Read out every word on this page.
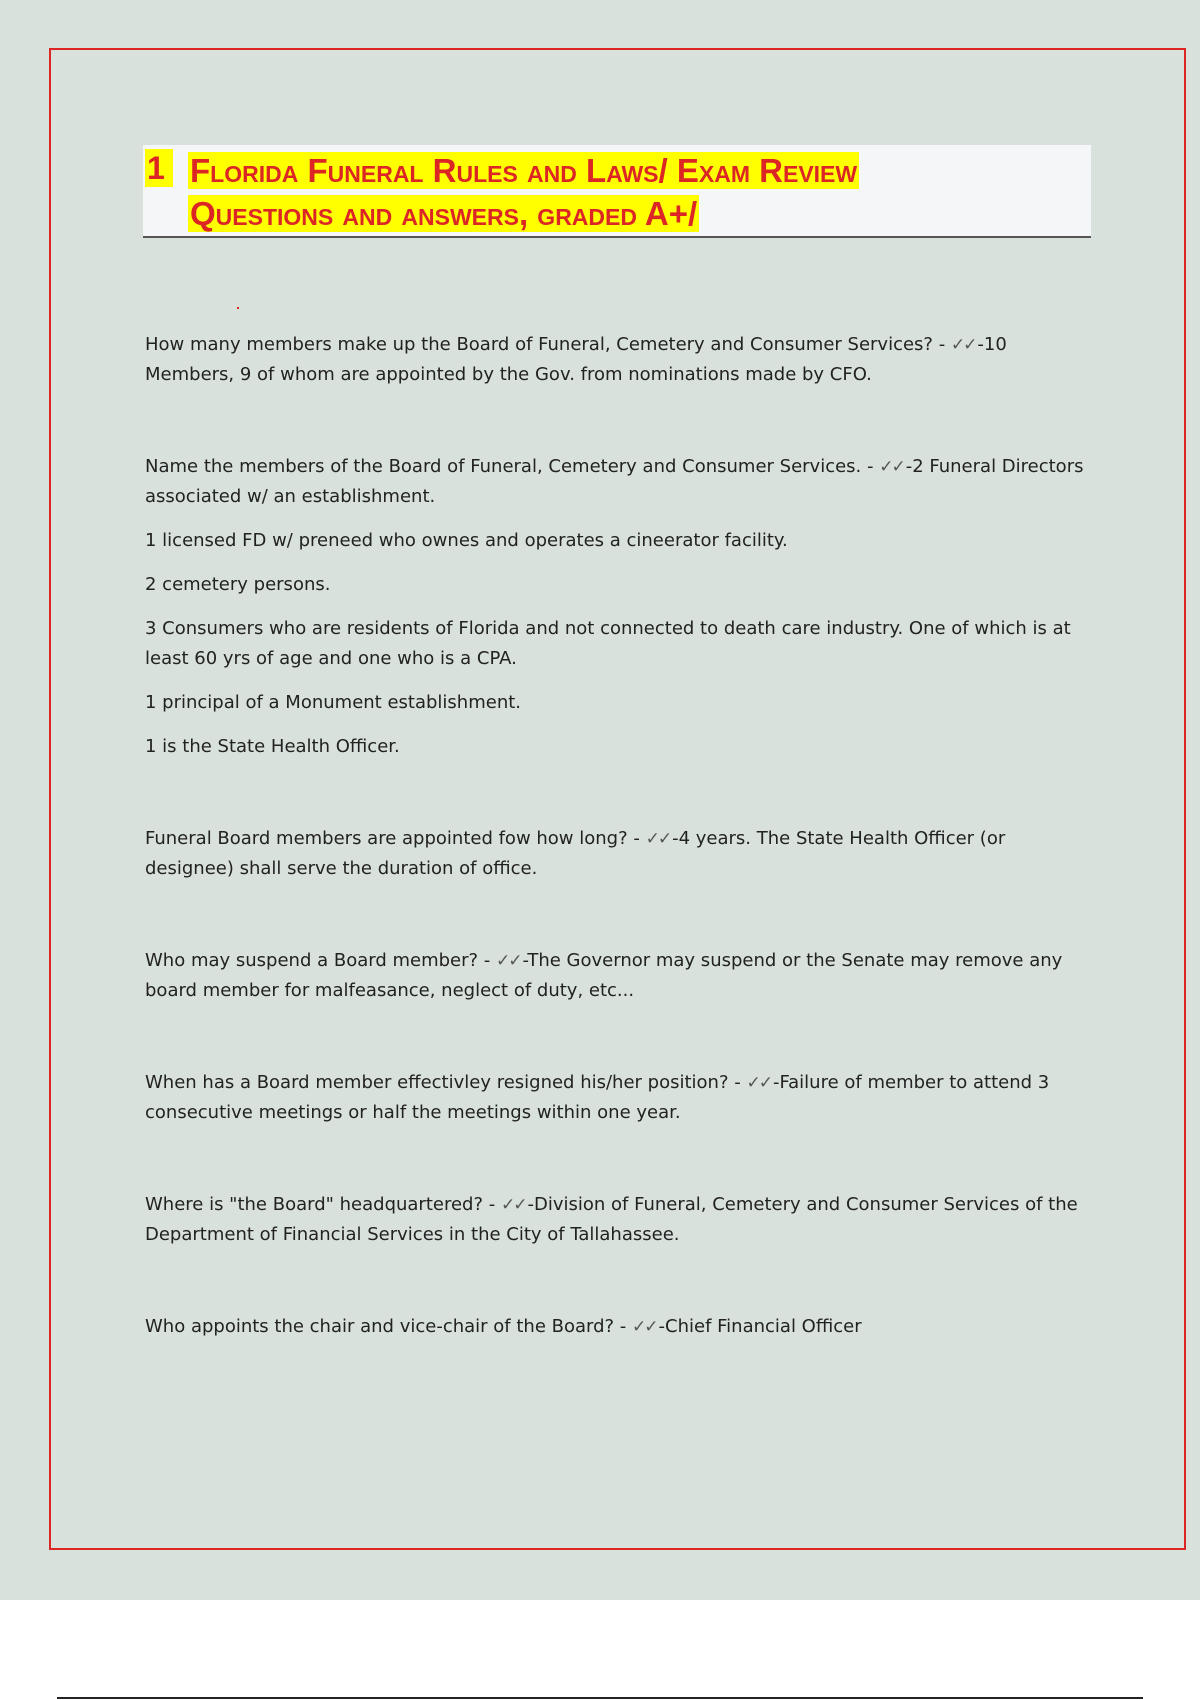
1 Florida Funeral Rules and Laws/ Exam Review
Questions and answers, graded A+/

How many members make up the Board of Funeral, Cemetery and Consumer Services? - ✓✓ -10 Members, 9 of whom are appointed by the Gov. from nominations made by CFO.

Name the members of the Board of Funeral, Cemetery and Consumer Services. - ✓✓ -2 Funeral Directors associated w/ an establishment.

1 licensed FD w/ preneed who ownes and operates a cineerator facility.

2 cemetery persons.

3 Consumers who are residents of Florida and not connected to death care industry. One of which is at least 60 yrs of age and one who is a CPA.

1 principal of a Monument establishment.

1 is the State Health Officer.

Funeral Board members are appointed fow how long? - ✓✓ -4 years. The State Health Officer (or designee) shall serve the duration of office.

Who may suspend a Board member? - ✓✓ -The Governor may suspend or the Senate may remove any board member for malfeasance, neglect of duty, etc...

When has a Board member effectivley resigned his/her position? - ✓✓ -Failure of member to attend 3 consecutive meetings or half the meetings within one year.

Where is "the Board" headquartered? - ✓✓ -Division of Funeral, Cemetery and Consumer Services of the Department of Financial Services in the City of Tallahassee.

Who appoints the chair and vice-chair of the Board? - ✓✓ -Chief Financial Officer
